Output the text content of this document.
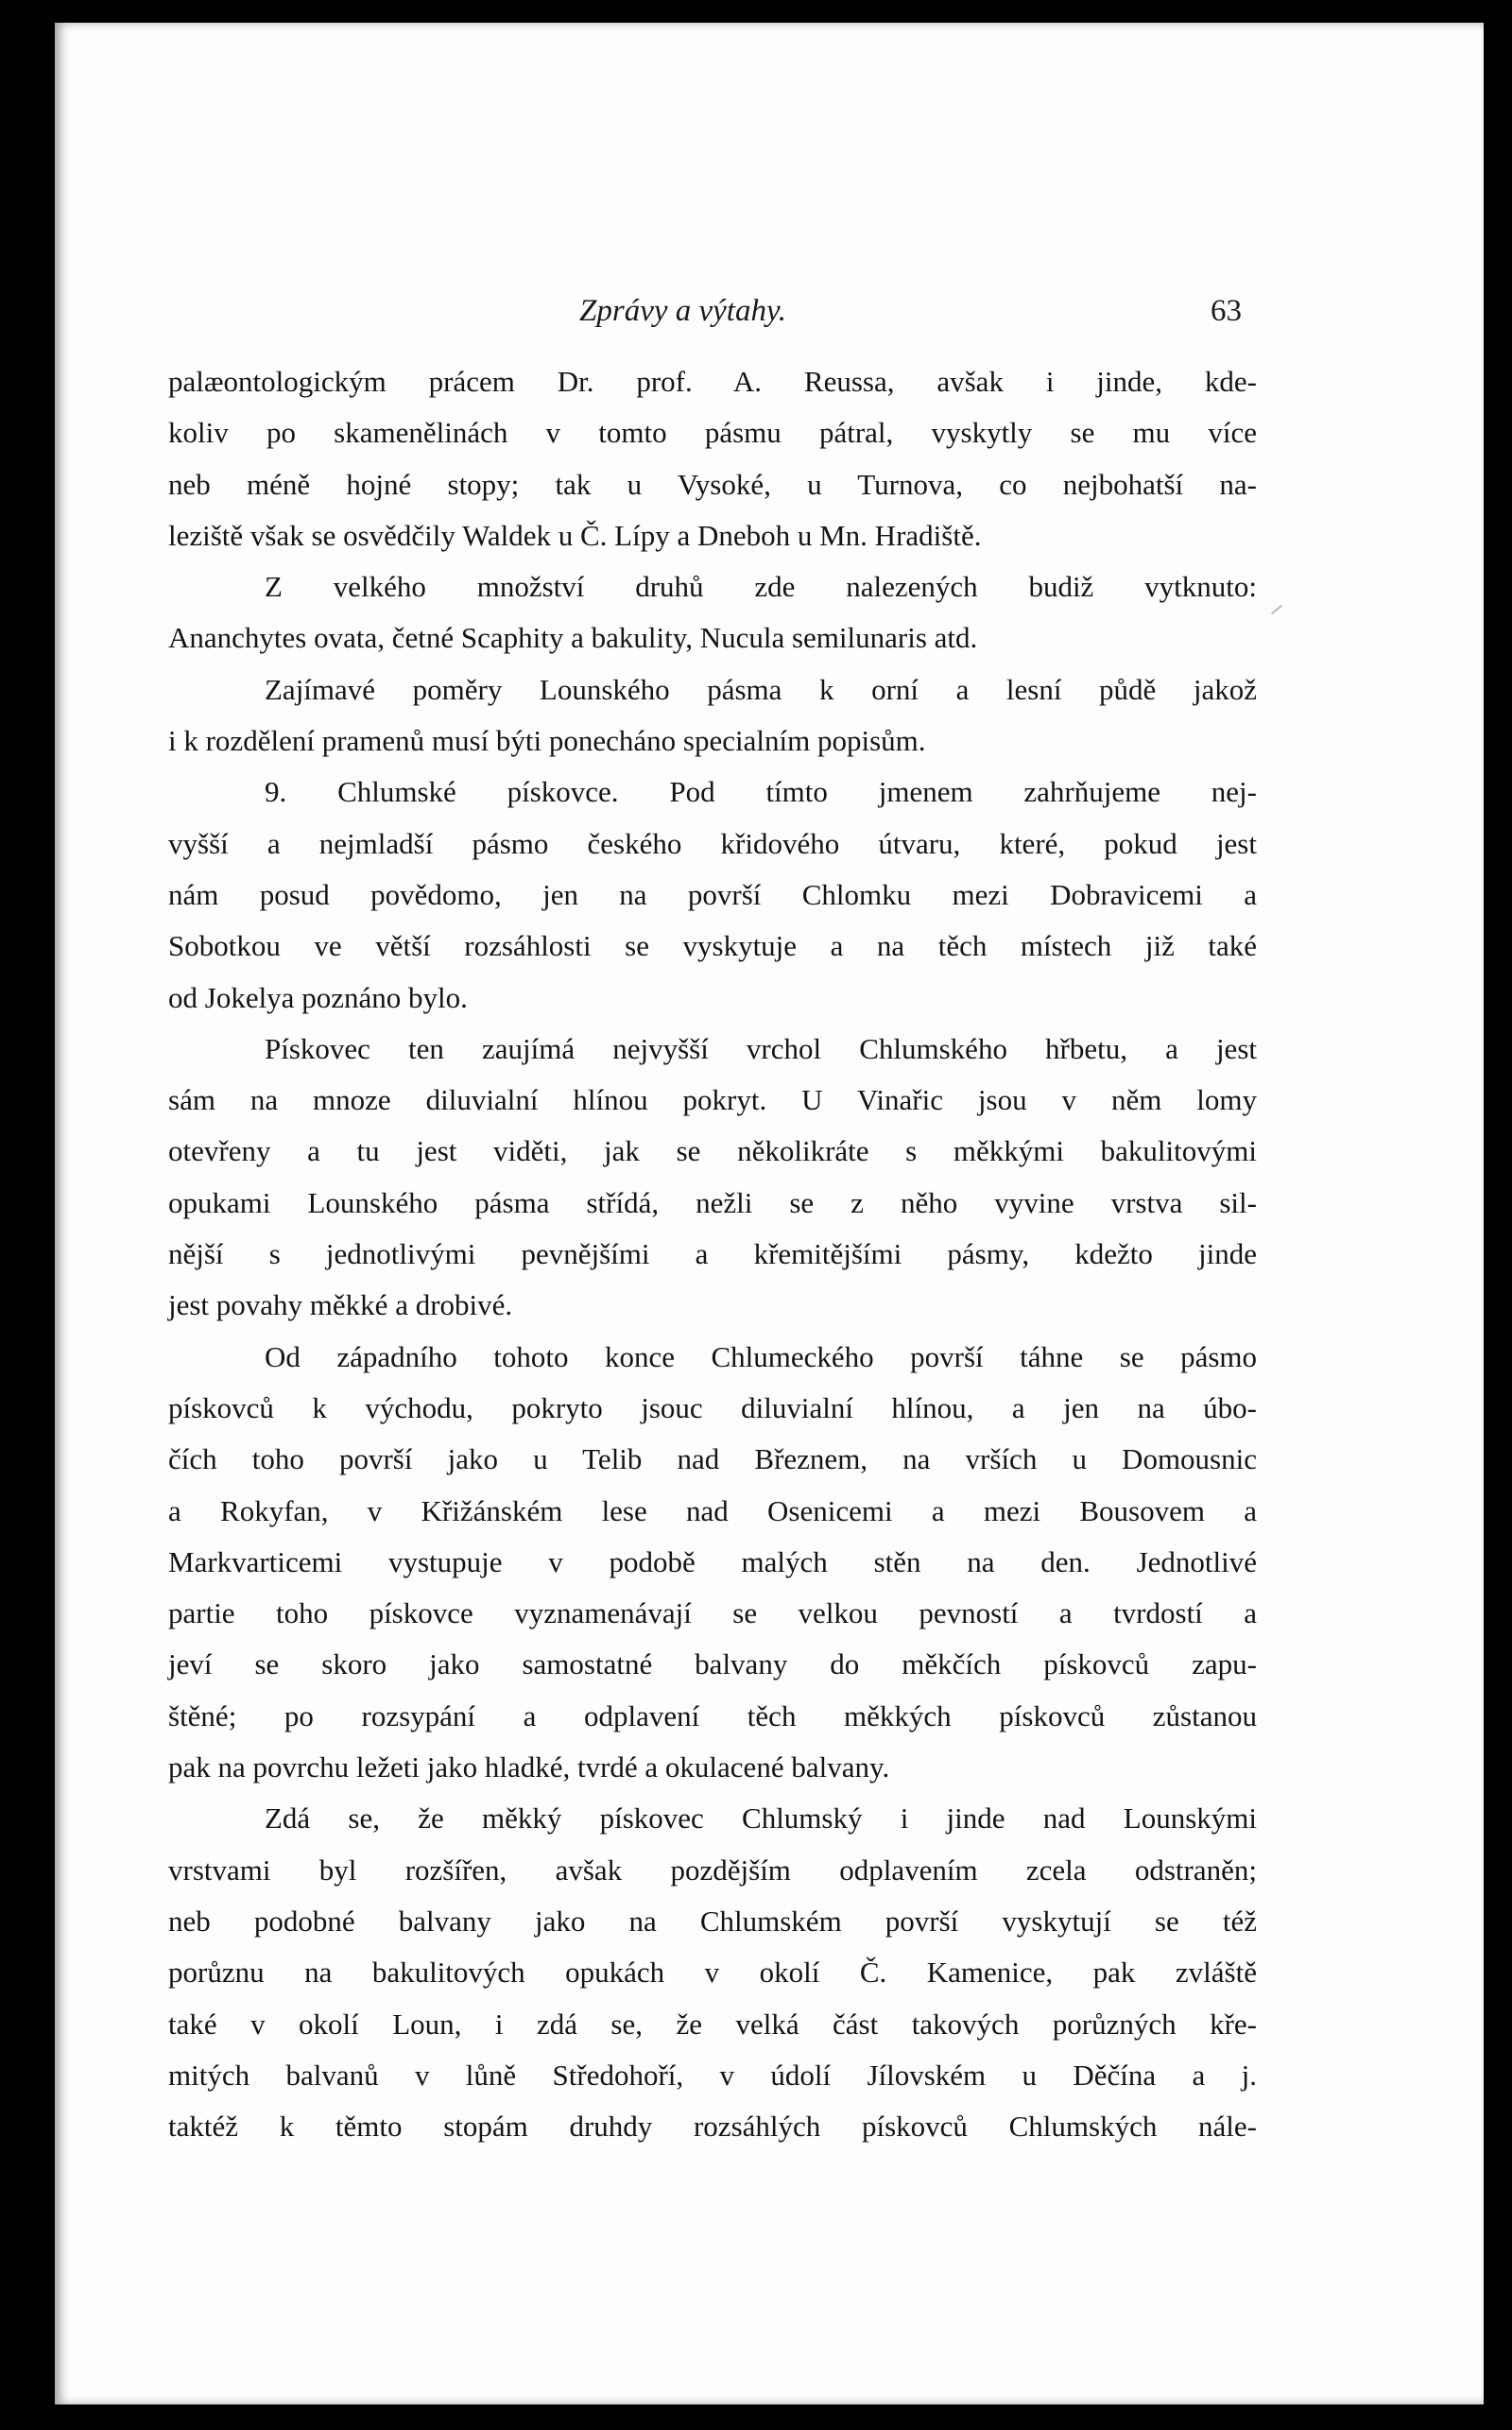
Zprávy a výtahy.	63
palæontologickým prácem Dr. prof. A. Reussa, avšak i jinde, kde-
koliv po skamenělinách v tomto pásmu pátral, vyskytly se mu více
neb méně hojné stopy; tak u Vysoké, u Turnova, co nejbohatší na-
leziště však se osvědčily Waldek u Č. Lípy a Dneboh u Mn. Hradiště.
Z velkého množství druhů zde nalezených budiž vytknuto:
Ananchytes ovata, četné Scaphity a bakulity, Nucula semilunaris atd.
Zajímavé poměry Lounského pásma k orní a lesní půdě jakož
i k rozdělení pramenů musí býti ponecháno specialním popisům.
9. Chlumské pískovce. Pod tímto jmenem zahrňujeme nej-
vyšší a nejmladší pásmo českého křidového útvaru, které, pokud jest
nám posud povědomo, jen na površí Chlomku mezi Dobravicemi a
Sobotkou ve větší rozsáhlosti se vyskytuje a na těch místech již také
od Jokelya poznáno bylo.
Pískovec ten zaujímá nejvyšší vrchol Chlumského hřbetu, a jest
sám na mnoze diluvialní hlínou pokryt. U Vinařic jsou v něm lomy
otevřeny a tu jest viděti, jak se několikráte s měkkými bakulitovými
opukami Lounského pásma střídá, nežli se z něho vyvine vrstva sil-
nější s jednotlivými pevnějšími a křemitějšími pásmy, kdežto jinde
jest povahy měkké a drobivé.
Od západního tohoto konce Chlumeckého površí táhne se pásmo
pískovců k východu, pokryto jsouc diluvialní hlínou, a jen na úbo-
čích toho površí jako u Telib nad Březnem, na vrších u Domousnic
a Rokyfan, v Křižánském lese nad Osenicemi a mezi Bousovem a
Markvarticemi vystupuje v podobě malých stěn na den. Jednotlivé
partie toho pískovce vyznamenávají se velkou pevností a tvrdostí a
jeví se skoro jako samostatné balvany do měkčích pískovců zapu-
štěné; po rozsypání a odplavení těch měkkých pískovců zůstanou
pak na povrchu ležeti jako hladké, tvrdé a okulacené balvany.
Zdá se, že měkký pískovec Chlumský i jinde nad Lounskými
vrstvami byl rozšířen, avšak pozdějším odplavením zcela odstraněn;
neb podobné balvany jako na Chlumském površí vyskytují se též
porůznu na bakulitových opukách v okolí Č. Kamenice, pak zvláště
také v okolí Loun, i zdá se, že velká část takových porůzných kře-
mitých balvanů v lůně Středohoří, v údolí Jílovském u Děčína a j.
taktéž k těmto stopám druhdy rozsáhlých pískovců Chlumských nále-
